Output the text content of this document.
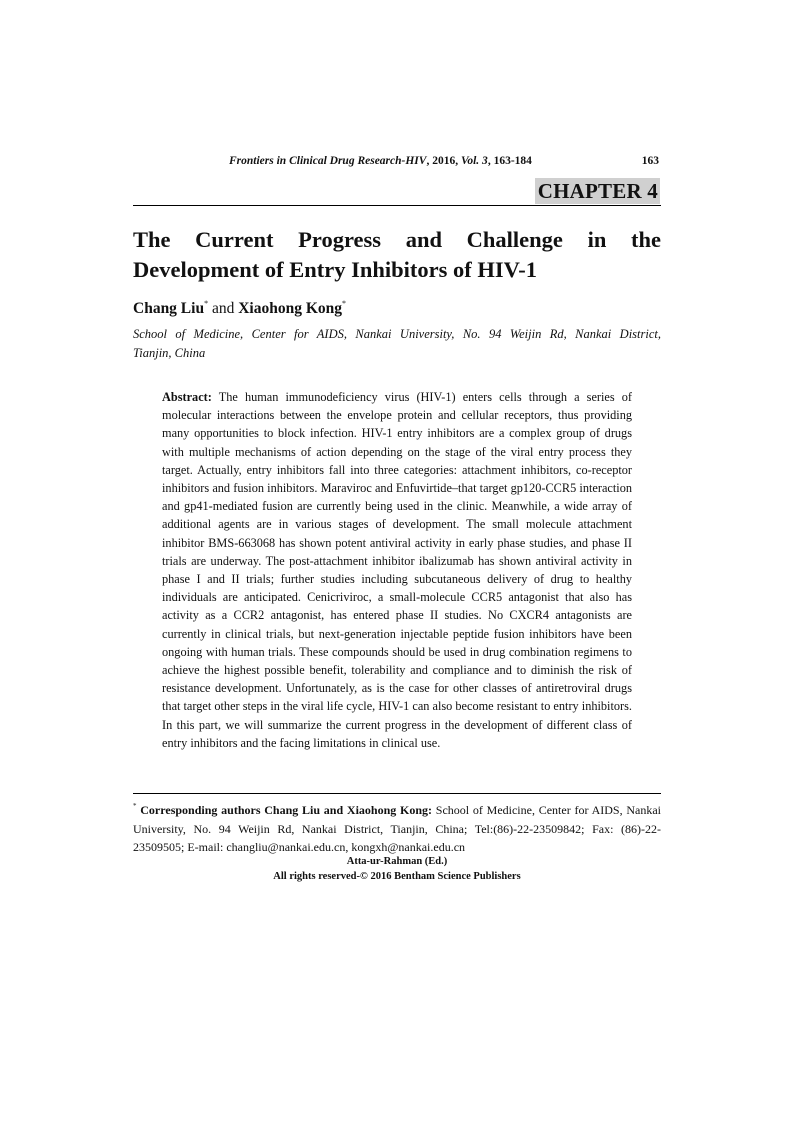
Frontiers in Clinical Drug Research-HIV, 2016, Vol. 3, 163-184	163
CHAPTER 4
The Current Progress and Challenge in the
Development of Entry Inhibitors of HIV-1
Chang Liu* and Xiaohong Kong*
School of Medicine, Center for AIDS, Nankai University, No. 94 Weijin Rd, Nankai District,
Tianjin, China
Abstract: The human immunodeficiency virus (HIV-1) enters cells through a series of molecular interactions between the envelope protein and cellular receptors, thus providing many opportunities to block infection. HIV-1 entry inhibitors are a complex group of drugs with multiple mechanisms of action depending on the stage of the viral entry process they target. Actually, entry inhibitors fall into three categories: attachment inhibitors, co-receptor inhibitors and fusion inhibitors. Maraviroc and Enfuvirtide–that target gp120-CCR5 interaction and gp41-mediated fusion are currently being used in the clinic. Meanwhile, a wide array of additional agents are in various stages of development. The small molecule attachment inhibitor BMS-663068 has shown potent antiviral activity in early phase studies, and phase II trials are underway. The post-attachment inhibitor ibalizumab has shown antiviral activity in phase I and II trials; further studies including subcutaneous delivery of drug to healthy individuals are anticipated. Cenicriviroc, a small-molecule CCR5 antagonist that also has activity as a CCR2 antagonist, has entered phase II studies. No CXCR4 antagonists are currently in clinical trials, but next-generation injectable peptide fusion inhibitors have been ongoing with human trials. These compounds should be used in drug combination regimens to achieve the highest possible benefit, tolerability and compliance and to diminish the risk of resistance development. Unfortunately, as is the case for other classes of antiretroviral drugs that target other steps in the viral life cycle, HIV-1 can also become resistant to entry inhibitors. In this part, we will summarize the current progress in the development of different class of entry inhibitors and the facing limitations in clinical use.
* Corresponding authors Chang Liu and Xiaohong Kong: School of Medicine, Center for AIDS, Nankai University, No. 94 Weijin Rd, Nankai District, Tianjin, China; Tel:(86)-22-23509842; Fax: (86)-22-23509505; E-mail: changliu@nankai.edu.cn, kongxh@nankai.edu.cn
Atta-ur-Rahman (Ed.)
All rights reserved-© 2016 Bentham Science Publishers
